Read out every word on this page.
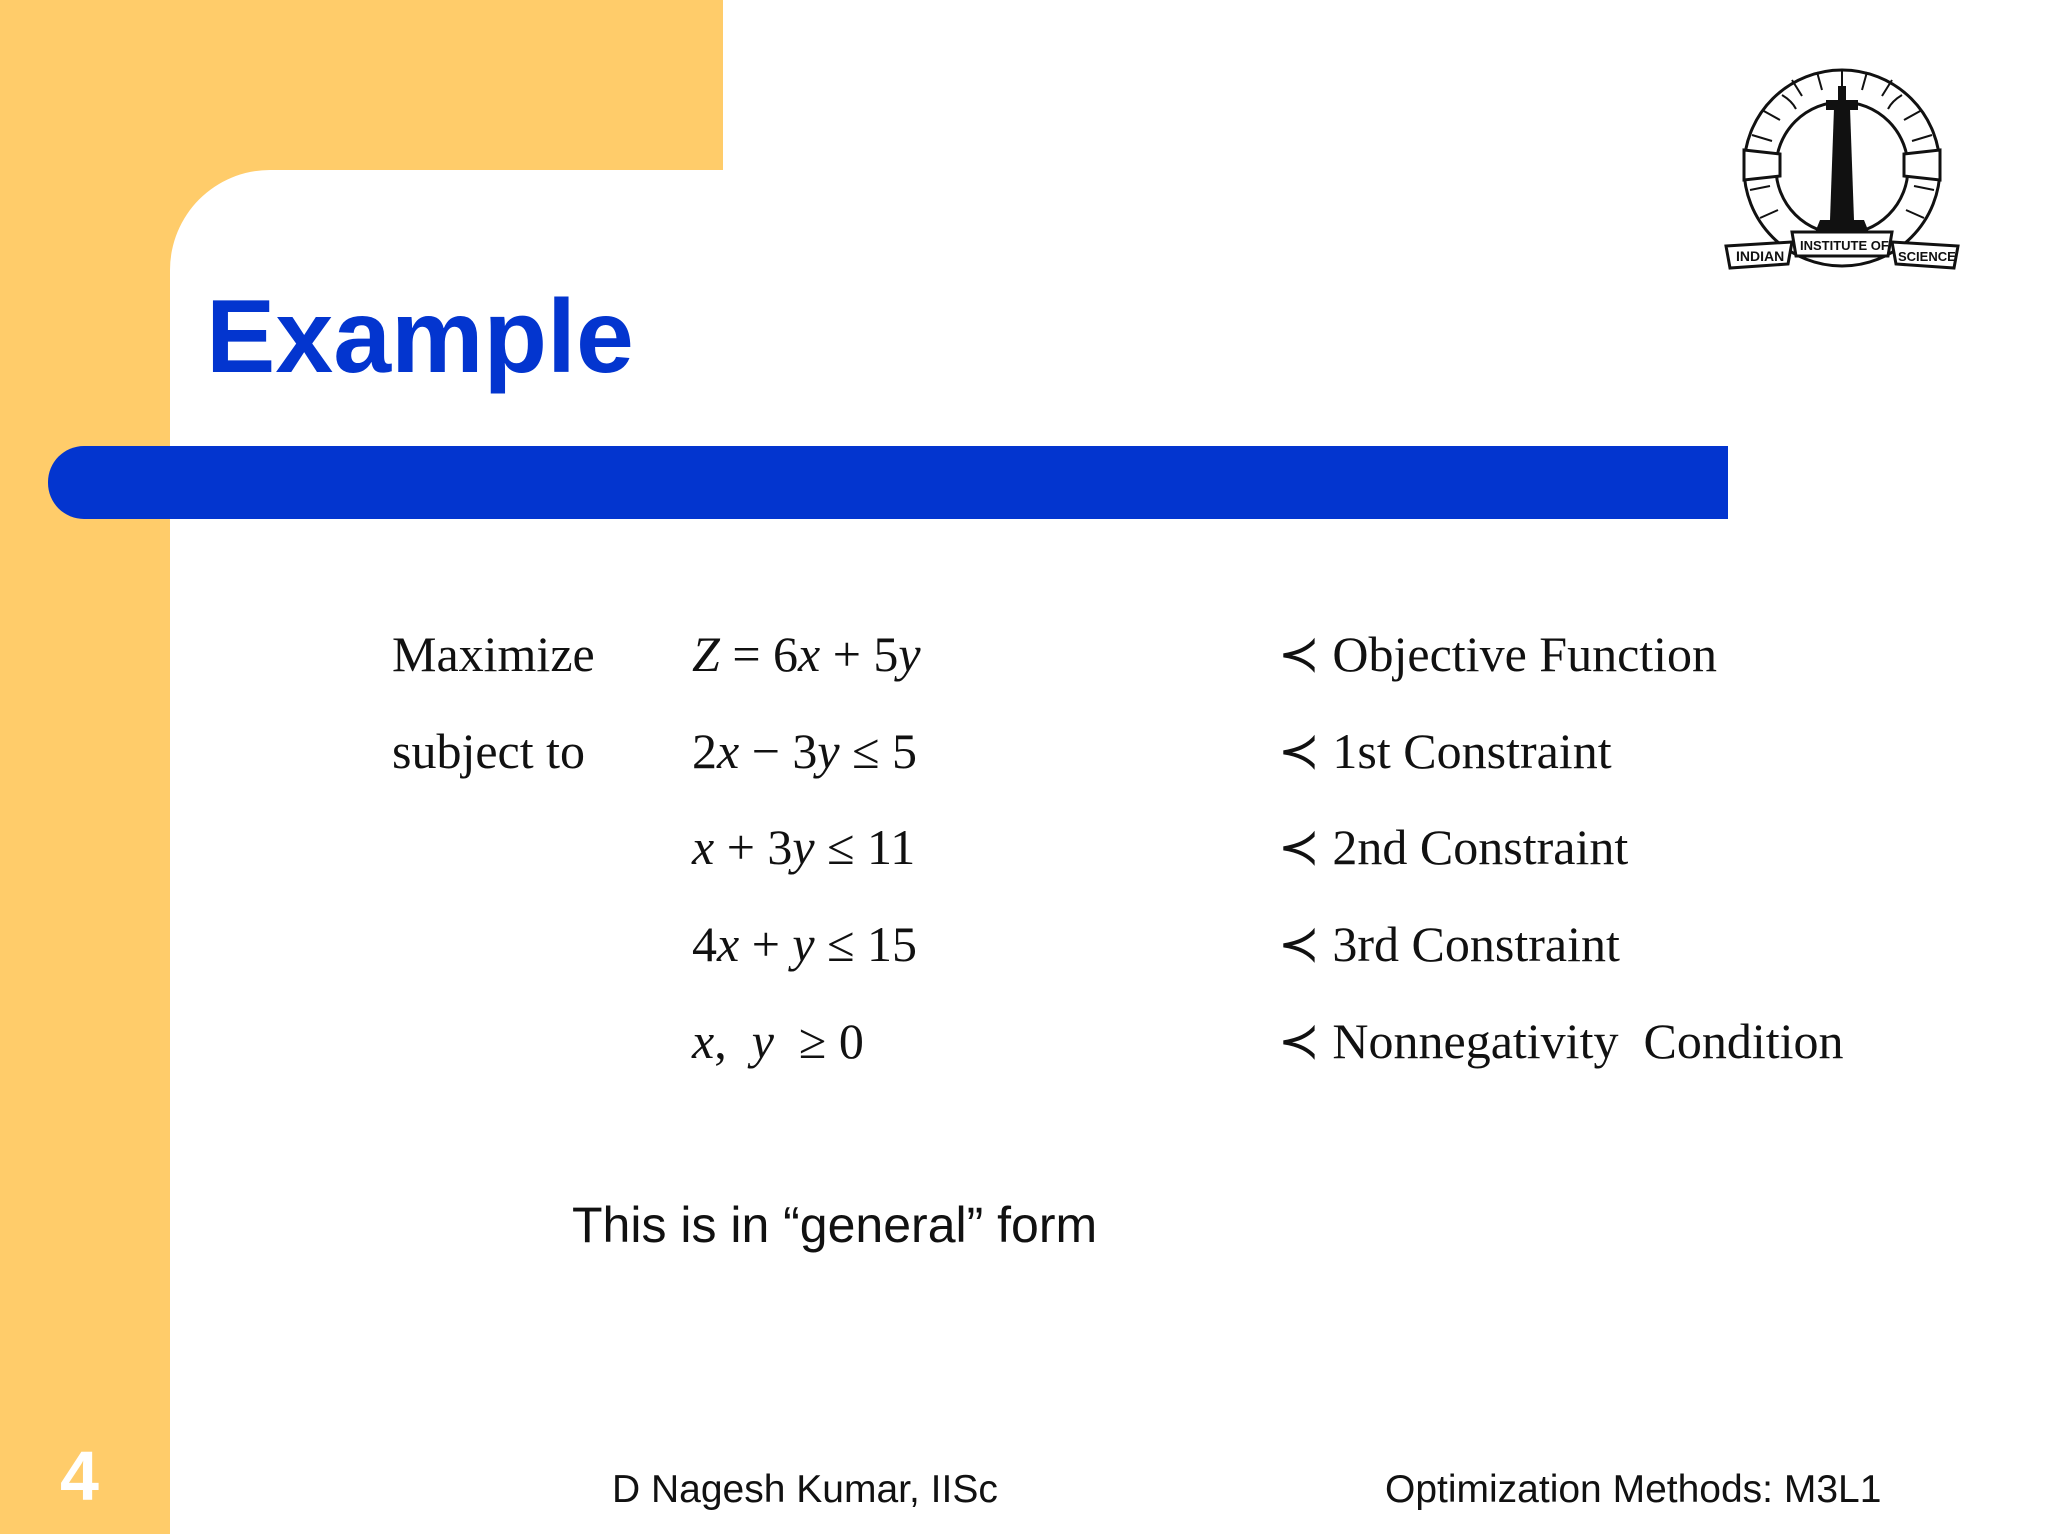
Example
INDIAN
INSTITUTE OF
SCIENCE
Maximize Z = 6x + 5y	≺ Objective Function
subject to 2x − 3y ≤ 5	≺ 1st Constraint
x + 3y ≤ 11	≺ 2nd Constraint
4x + y ≤ 15	≺ 3rd Constraint
x,  y  ≥ 0	≺ Nonnegativity  Condition
This is in “general” form
4	D Nagesh Kumar, IISc	Optimization Methods: M3L1
